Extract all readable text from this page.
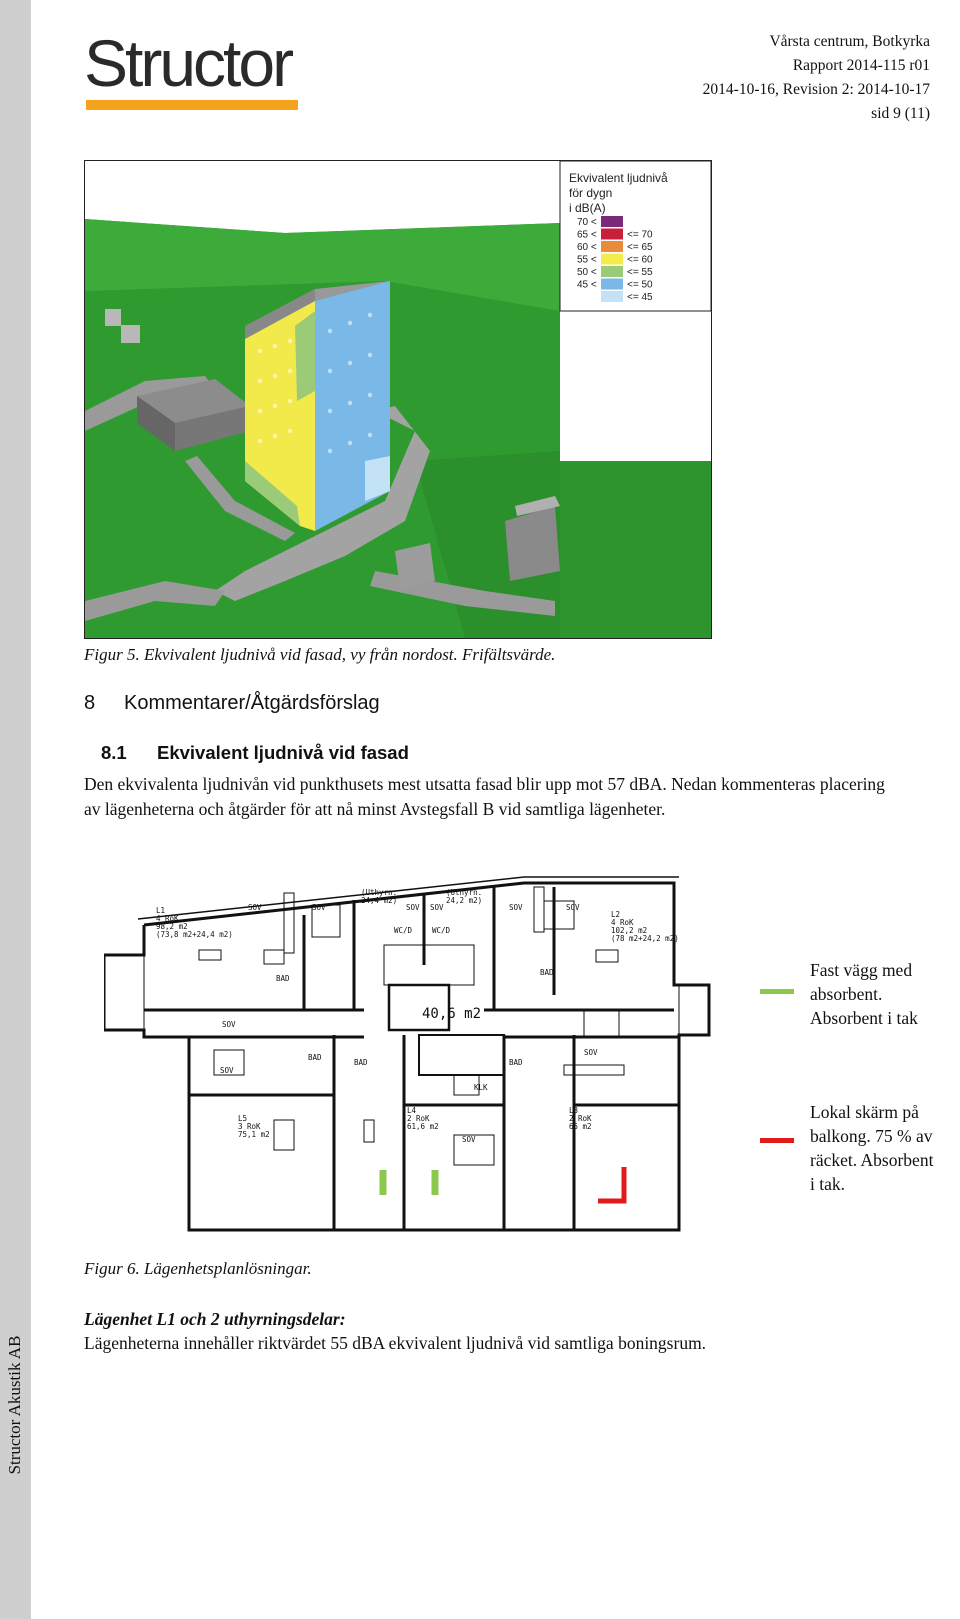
Structor Akustik AB
Structor	Vårsta centrum, Botkyrka
Rapport 2014-115 r01
2014-10-16, Revision 2: 2014-10-17
sid 9 (11)
Ekvivalent ljudnivå
för dygn
i dB(A)
70 <
65 <	<= 70
60 <	<= 65
55 <	<= 60
50 <	<= 55
45 <	<= 50
<= 45
Figur 5. Ekvivalent ljudnivå vid fasad, vy från nordost. Frifältsvärde.
8 Kommentarer/Åtgärdsförslag
8.1 Ekvivalent ljudnivå vid fasad
Den ekvivalenta ljudnivån vid punkthusets mest utsatta fasad blir upp mot 57 dBA. Nedan kommenteras placering av lägenheterna och åtgärder för att nå minst Avstegsfall B vid samtliga lägenheter.
L1
4 RoK
98,2 m2
(73,8 m2+24,4 m2)
L2
4 RoK
102,2 m2
(78 m2+24,2 m2)
L3
2 RoK
65 m2
L4
2 RoK
61,6 m2
L5
3 RoK
75,1 m2
(Uthyrn.
24,4 m2)
(Uthyrn.
24,2 m2)
SOV	SOV	SOV SOV	SOV	SOV
SOV
SOV
SOV
SOV
BAD
BAD
BAD
BAD	BAD
WC/D	WC/D
KLK
40,6 m2
Fast vägg med
absorbent.
Absorbent i tak
Lokal skärm på
balkong. 75 % av
räcket. Absorbent
i tak.
Figur 6. Lägenhetsplanlösningar.
Lägenhet L1 och 2 uthyrningsdelar:
Lägenheterna innehåller riktvärdet 55 dBA ekvivalent ljudnivå vid samtliga boningsrum.
